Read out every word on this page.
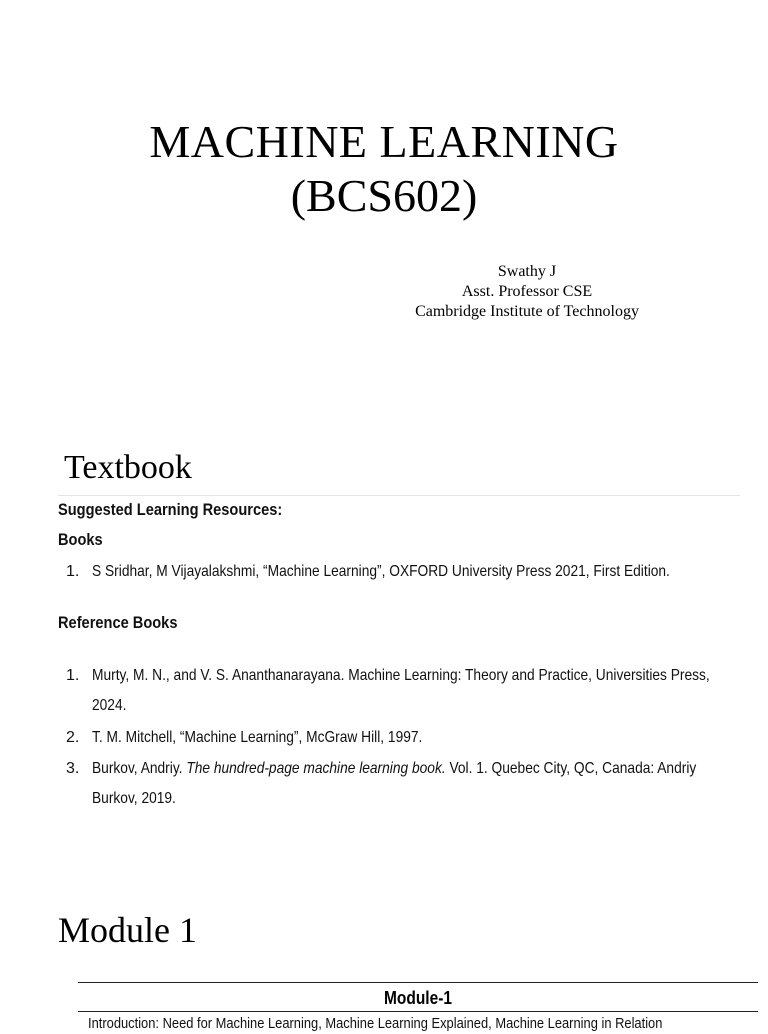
MACHINE LEARNING
(BCS602)
Swathy J
Asst. Professor CSE
Cambridge Institute of Technology
Textbook
Suggested Learning Resources:
Books
1. S Sridhar, M Vijayalakshmi, “Machine Learning”, OXFORD University Press 2021, First Edition.
Reference Books
1. Murty, M. N., and V. S. Ananthanarayana. Machine Learning: Theory and Practice, Universities Press, 2024.
2. T. M. Mitchell, “Machine Learning”, McGraw Hill, 1997.
3. Burkov, Andriy. The hundred-page machine learning book. Vol. 1. Quebec City, QC, Canada: Andriy Burkov, 2019.
Module 1
Module-1
Introduction: Need for Machine Learning, Machine Learning Explained, Machine Learning in Relation
